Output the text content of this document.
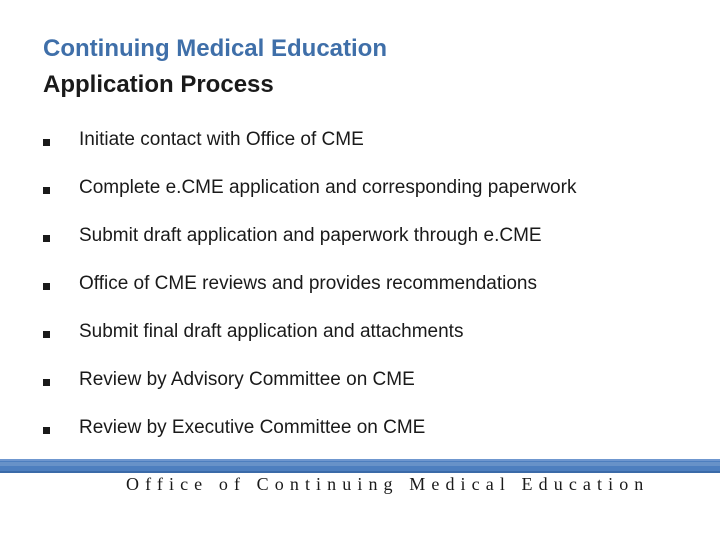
Continuing Medical Education
Application Process
Initiate contact with Office of CME
Complete e.CME application and corresponding paperwork
Submit draft application and paperwork through e.CME
Office of CME reviews and provides recommendations
Submit final draft application and attachments
Review by Advisory Committee on CME
Review by Executive Committee on CME
Office of Continuing Medical Education
